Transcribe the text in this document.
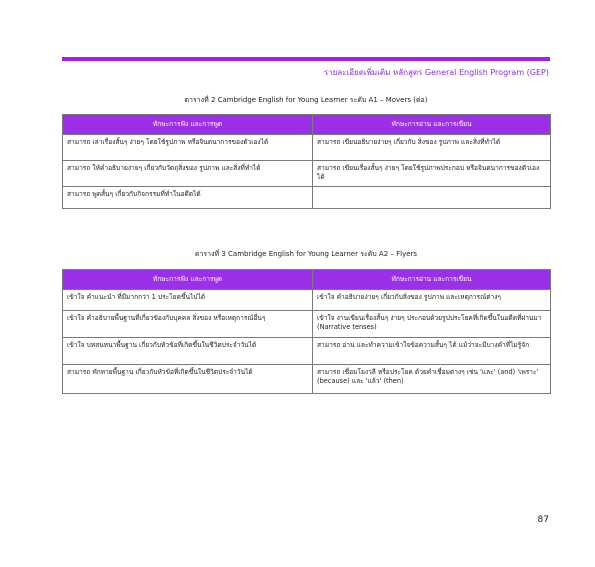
รายละเอียดเพิ่มเติม หลักสูตร General English Program (GEP)
ตารางที่ 2 Cambridge English for Young Learner ระดับ A1 – Movers (ต่อ)
ทักษะการฟัง และการพูด	ทักษะการอ่าน และการเขียน
สามารถ เล่าเรื่องสั้นๆ ง่ายๆ โดยใช้รูปภาพ หรือจินตนาการของตัวเองได้	สามารถ เขียนอธิบายง่ายๆ เกี่ยวกับ สิ่งของ รูปภาพ และสิ่งที่ทำได้
สามารถ ให้คำอธิบายง่ายๆ เกี่ยวกับวัตถุสิ่งของ รูปภาพ และสิ่งที่ทำได้	สามารถ เขียนเรื่องสั้นๆ ง่ายๆ โดยใช้รูปภาพประกอบ หรือจินตนาการของตัวเองได้
สามารถ พูดสั้นๆ เกี่ยวกับกิจกรรมที่ทำในอดีตได้	
ตารางที่ 3 Cambridge English for Young Learner ระดับ A2 – Flyers
ทักษะการฟัง และการพูด	ทักษะการอ่าน และการเขียน
เข้าใจ คำแนะนำ ที่มีมากกว่า 1 ประโยคขึ้นไปได้	เข้าใจ คำอธิบายง่ายๆ เกี่ยวกับสิ่งของ รูปภาพ และเหตุการณ์ต่างๆ
เข้าใจ คำอธิบายพื้นฐานที่เกี่ยวข้องกับบุคคล สิ่งของ หรือเหตุการณ์อื่นๆ	เข้าใจ งานเขียนเรื่องสั้นๆ ง่ายๆ ประกอบด้วยรูปประโยคที่เกิดขึ้นในอดีตที่ผ่านมา (Narrative tenses)
เข้าใจ บทสนทนาพื้นฐาน เกี่ยวกับหัวข้อที่เกิดขึ้นในชีวิตประจำวันได้	สามารถ อ่าน และทำความเข้าใจข้อความสั้นๆ ได้ แม้ว่าจะมีบางคำที่ไม่รู้จัก
สามารถ ทักทายพื้นฐาน เกี่ยวกับหัวข้อที่เกิดขึ้นในชีวิตประจำวันได้	สามารถ เชื่อมโยงวลี หรือประโยค ด้วยคำเชื่อมต่างๆ เช่น 'และ' (and) 'เพราะ' (because) และ 'แล้ว' (then)
87
